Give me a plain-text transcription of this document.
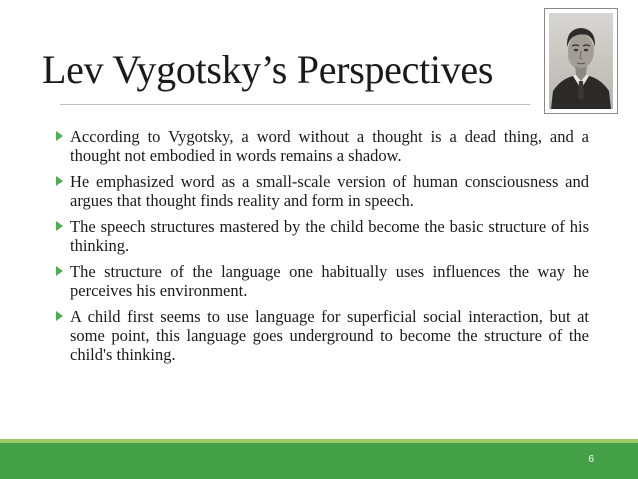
Lev Vygotsky’s Perspectives
According to Vygotsky, a word without a thought is a dead thing, and a thought not embodied in words remains a shadow.
He emphasized word as a small-scale version of human consciousness and argues that thought finds reality and form in speech.
The speech structures mastered by the child become the basic structure of his thinking.
The structure of the language one habitually uses influences the way he perceives his environment.
A child first seems to use language for superficial social interaction, but at some point, this language goes underground to become the structure of the child's thinking.
6
